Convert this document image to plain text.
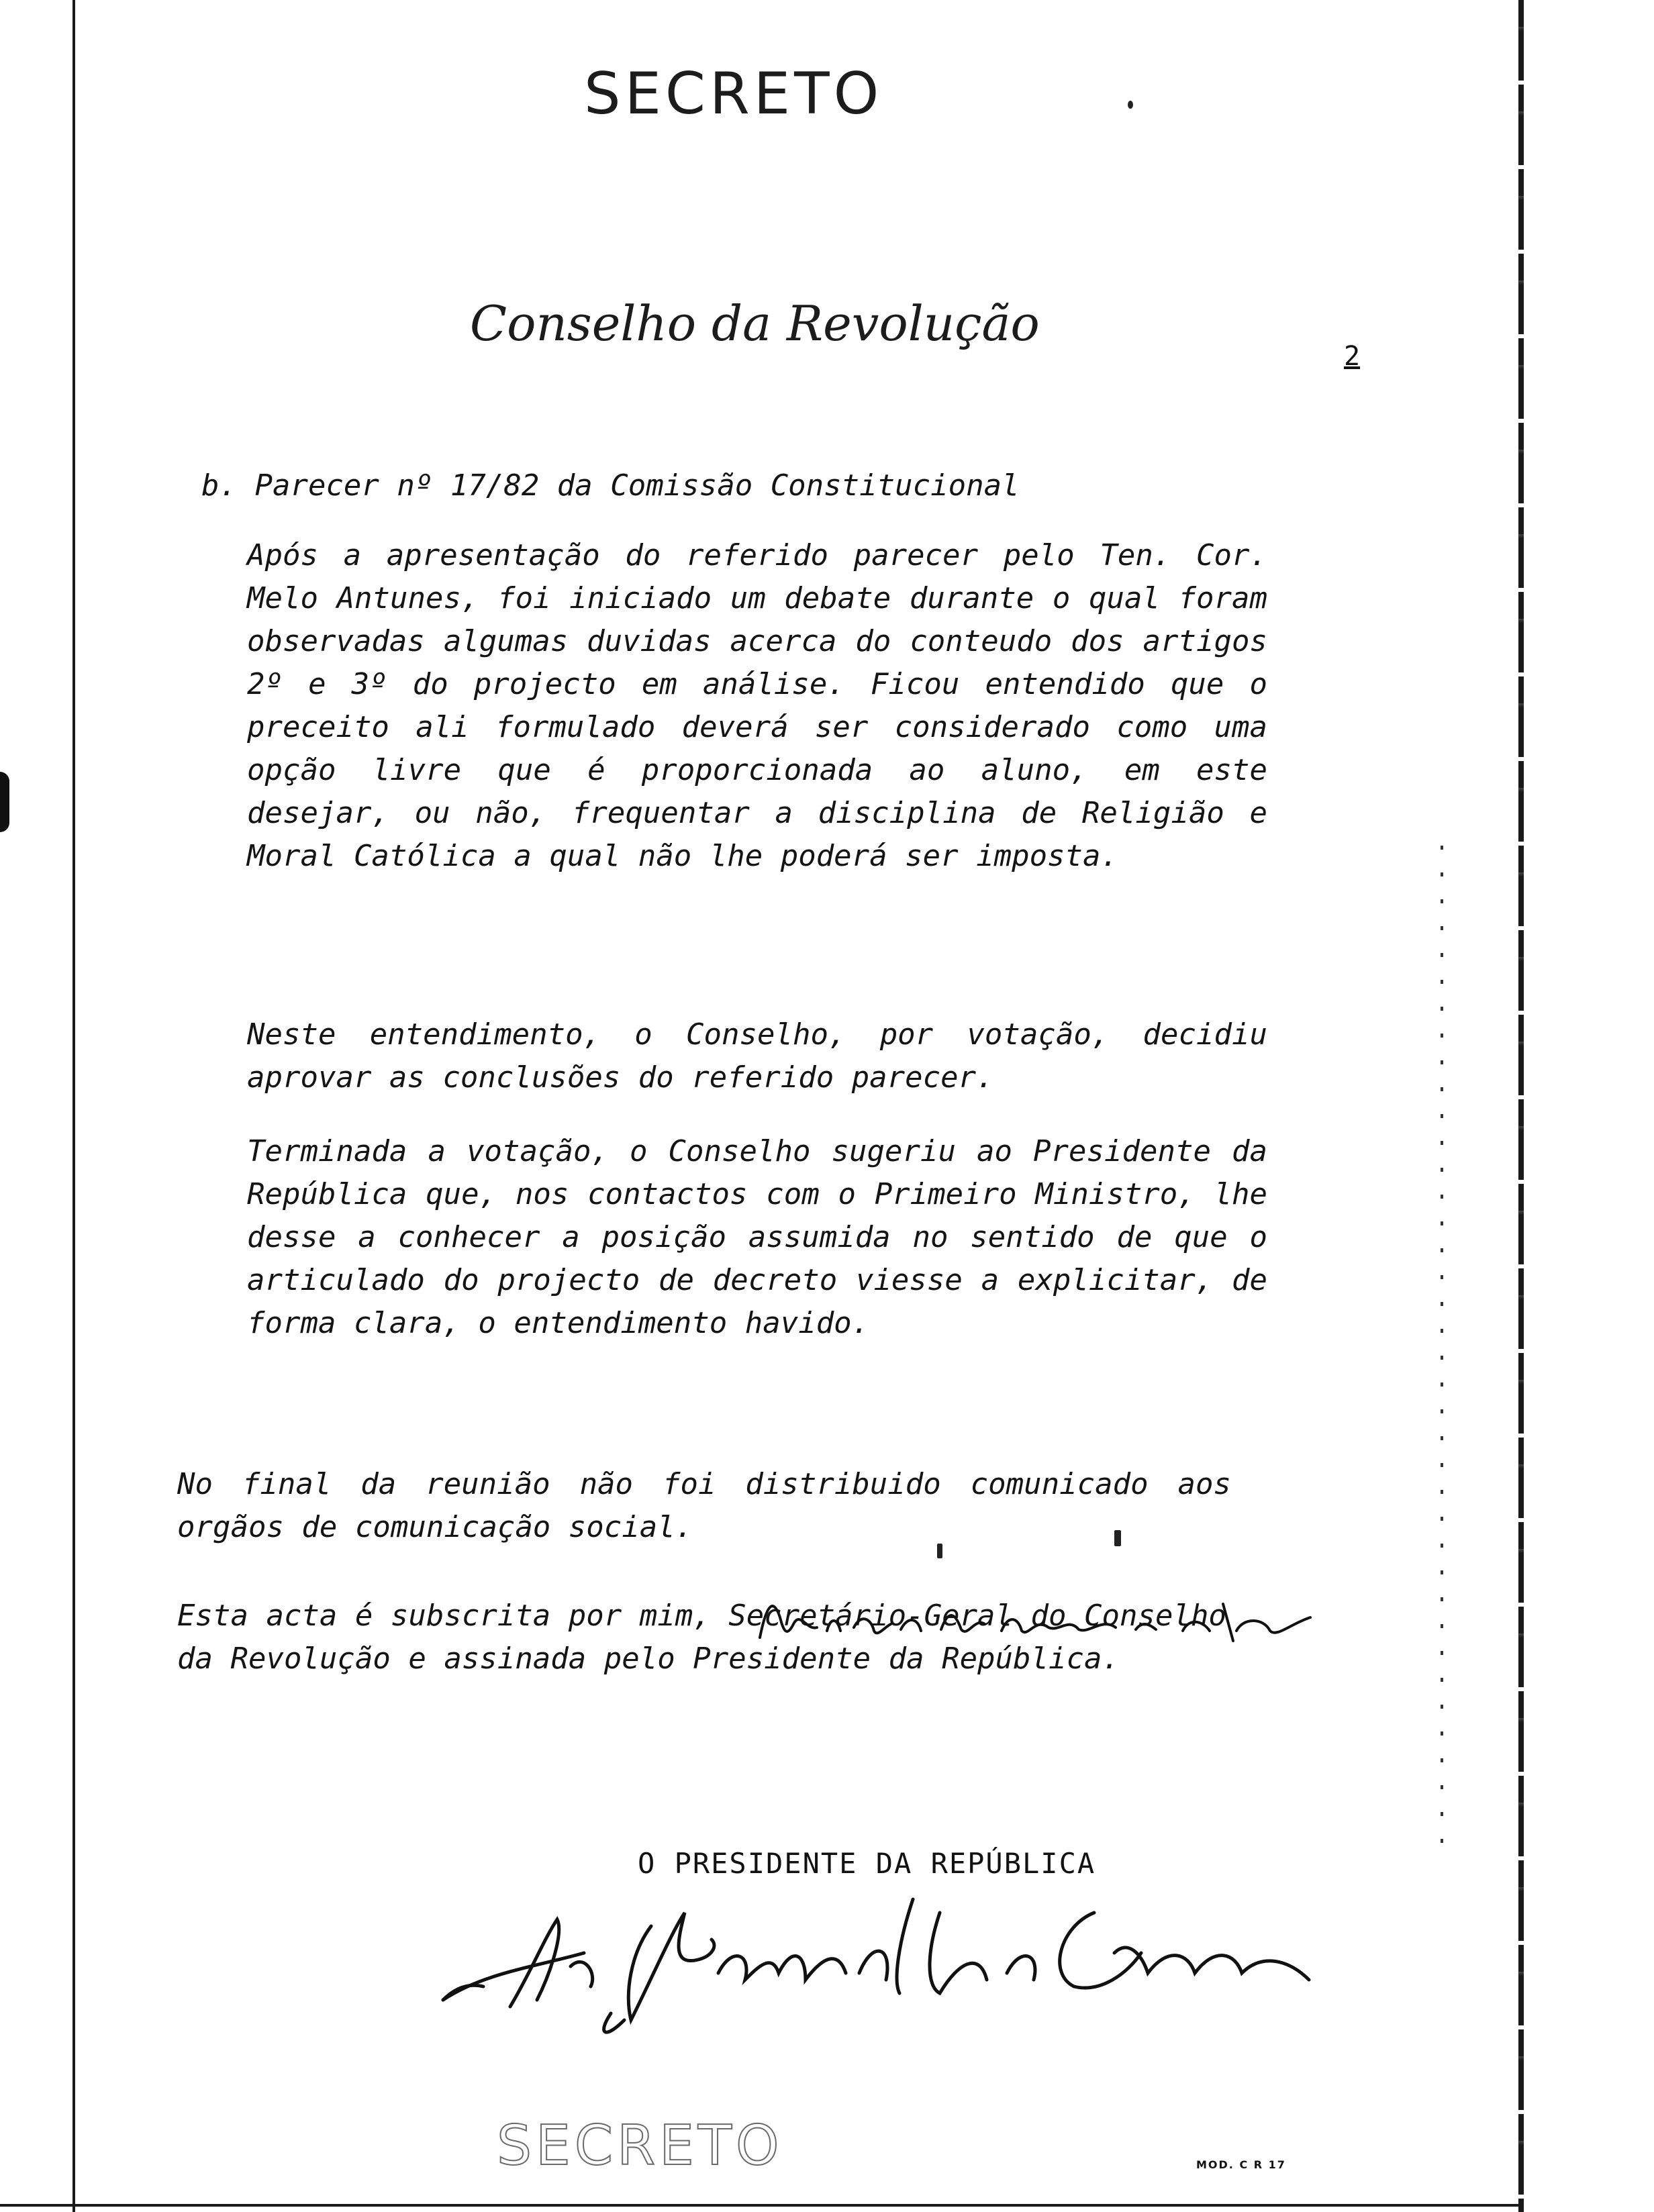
SECRETO
Conselho da Revolução
2
b. Parecer nº 17/82 da Comissão Constitucional
Após a apresentação do referido parecer pelo Ten. Cor. Melo Antunes, foi iniciado um debate durante o qual foram observadas algumas duvidas acerca do conteudo dos artigos 2º e 3º do projecto em análise. Ficou entendido que o preceito ali formulado deverá ser considerado como uma opção livre que é proporcionada ao aluno, em este desejar, ou não, frequentar a disciplina de Religião e Moral Católica a qual não lhe poderá ser imposta.
Neste entendimento, o Conselho, por votação, decidiu aprovar as conclusões do referido parecer.
Terminada a votação, o Conselho sugeriu ao Presidente da República que, nos contactos com o Primeiro Ministro, lhe desse a conhecer a posição assumida no sentido de que o articulado do projecto de decreto viesse a explicitar, de forma clara, o entendimento havido.
No final da reunião não foi distribuido comunicado aos orgãos de comunicação social.
Esta acta é subscrita por mim, Secretário-Geral do Conselho da Revolução e assinada pelo Presidente da República.
O PRESIDENTE DA REPÚBLICA
SECRETO	MOD. C R 17
